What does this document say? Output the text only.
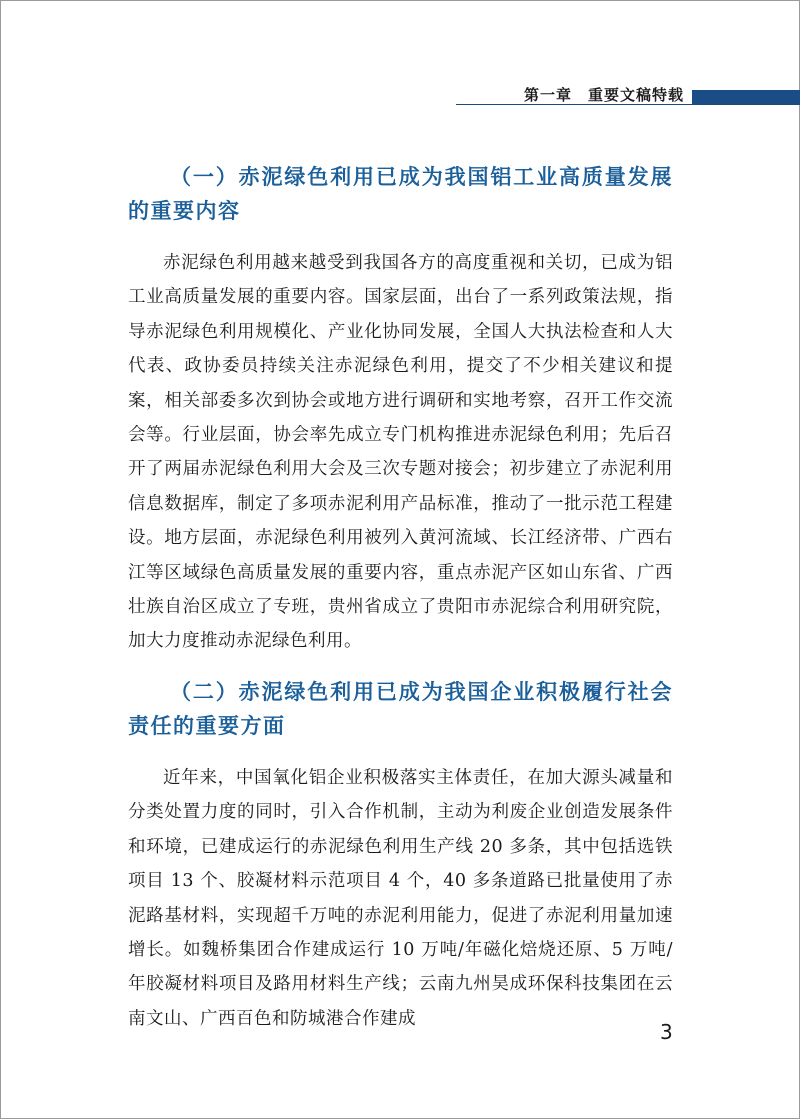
第一章　重要文稿特载
（一）赤泥绿色利用已成为我国铝工业高质量发展的重要内容

赤泥绿色利用越来越受到我国各方的高度重视和关切，已成为铝工业高质量发展的重要内容。国家层面，出台了一系列政策法规，指导赤泥绿色利用规模化、产业化协同发展，全国人大执法检查和人大代表、政协委员持续关注赤泥绿色利用，提交了不少相关建议和提案，相关部委多次到协会或地方进行调研和实地考察，召开工作交流会等。行业层面，协会率先成立专门机构推进赤泥绿色利用；先后召开了两届赤泥绿色利用大会及三次专题对接会；初步建立了赤泥利用信息数据库，制定了多项赤泥利用产品标准，推动了一批示范工程建设。地方层面，赤泥绿色利用被列入黄河流域、长江经济带、广西右江等区域绿色高质量发展的重要内容，重点赤泥产区如山东省、广西壮族自治区成立了专班，贵州省成立了贵阳市赤泥综合利用研究院，加大力度推动赤泥绿色利用。

（二）赤泥绿色利用已成为我国企业积极履行社会责任的重要方面

近年来，中国氧化铝企业积极落实主体责任，在加大源头减量和分类处置力度的同时，引入合作机制，主动为利废企业创造发展条件和环境，已建成运行的赤泥绿色利用生产线 20 多条，其中包括选铁项目 13 个、胶凝材料示范项目 4 个，40 多条道路已批量使用了赤泥路基材料，实现超千万吨的赤泥利用能力，促进了赤泥利用量加速增长。如魏桥集团合作建成运行 10 万吨/年磁化焙烧还原、5 万吨/年胶凝材料项目及路用材料生产线；云南九州昊成环保科技集团在云南文山、广西百色和防城港合作建成

3
